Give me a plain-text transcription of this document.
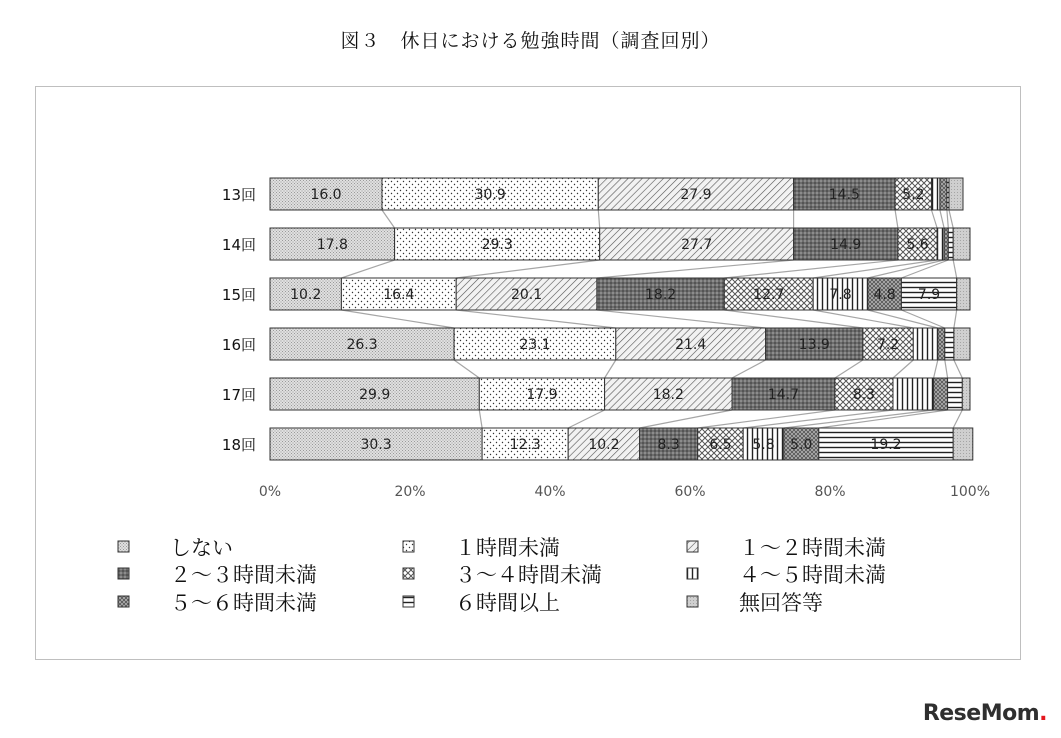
図３　休日における勉強時間（調査回別）
13回	16.0	30.9	27.9	14.5	5.2
14回	17.8	29.3	27.7	14.9	5.6
15回 10.2	16.4	20.1	18.2	12.7	7.8 4.8 7.9
16回	26.3	23.1	21.4	13.9	7.2
17回	29.9	17.9	18.2	14.7	8.3
18回	30.3	12.3	10.2	8.3 6.5 5.8 5.0	19.2
0%	20%	40%	60%	80%	100%
しない	１時間未満	１～２時間未満
２～３時間未満	３～４時間未満	４～５時間未満
５～６時間未満	６時間以上	無回答等
ReseMom.
